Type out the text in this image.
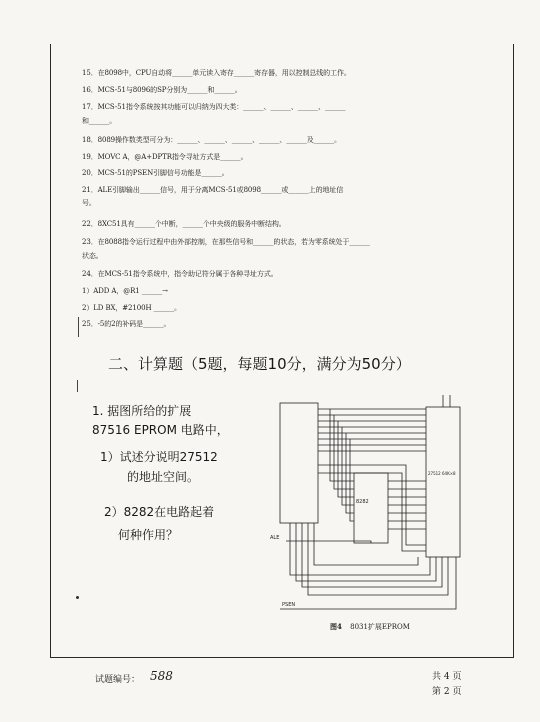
15．在8098中，CPU自动将______单元读入寄存______寄存器，用以控制总线的工作。
16．MCS-51与8096的SP分别为______和______。
17．MCS-51指令系统按其功能可以归纳为四大类：______、______、______、______
和______。
18．8089操作数类型可分为：______、______、______、______、______及______。
19．MOVC A，@A+DPTR指令寻址方式是______。
20．MCS-51的PSEN引脚信号功能是______。
21．ALE引脚输出______信号，用于分离MCS-51或8098______或______上的地址信
号。
22．8XC51具有______个中断，______个中央级的服务中断结构。
23．在8088指令运行过程中由外部控制，在那些信号和______的状态，若为零系统处于______
状态。
24．在MCS-51指令系统中，指令助记符分属于各种寻址方式。
1）ADD A，@R1 ______→
2）LD BX，#2100H ______。
25．-5的2的补码是______。
二、计算题（5题，每题10分，满分为50分）
1. 据图所给的扩展
87516 EPROM 电路中，
1）试述分说明27512
的地址空间。
2）8282在电路起着
何种作用？
8282
27512 64K×8
ALE
PSEN
图4 8031扩展EPROM
试题编号： 588	共 4 页
第 2 页
